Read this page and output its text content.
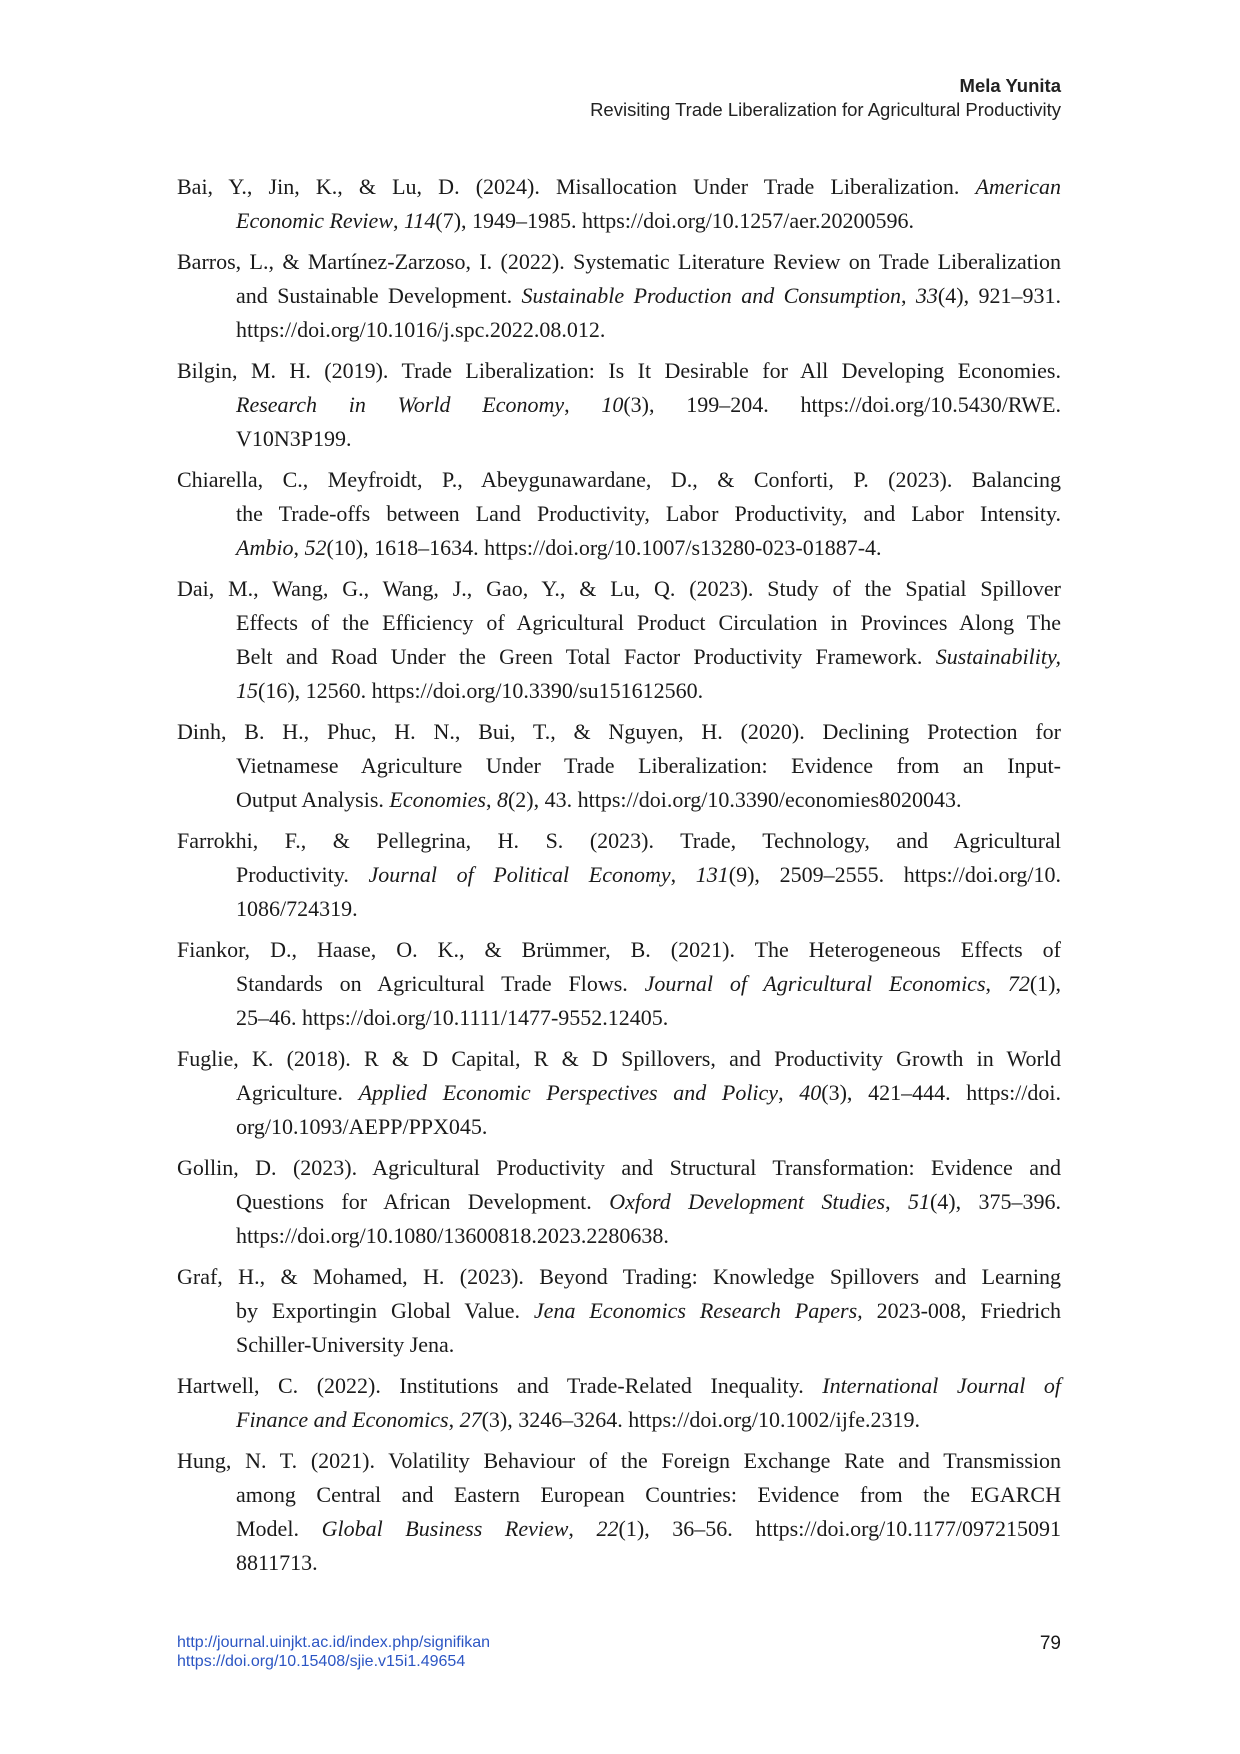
Mela Yunita
Revisiting Trade Liberalization for Agricultural Productivity
Bai, Y., Jin, K., & Lu, D. (2024). Misallocation Under Trade Liberalization. American
Economic Review, 114(7), 1949–1985. https://doi.org/10.1257/aer.20200596.
Barros, L., & Martínez-Zarzoso, I. (2022). Systematic Literature Review on Trade Liberalization
and Sustainable Development. Sustainable Production and Consumption, 33(4), 921–931.
https://doi.org/10.1016/j.spc.2022.08.012.
Bilgin, M. H. (2019). Trade Liberalization: Is It Desirable for All Developing Economies.
Research in World Economy, 10(3), 199–204. https://doi.org/10.5430/RWE.
V10N3P199.
Chiarella, C., Meyfroidt, P., Abeygunawardane, D., & Conforti, P. (2023). Balancing
the Trade-offs between Land Productivity, Labor Productivity, and Labor Intensity.
Ambio, 52(10), 1618–1634. https://doi.org/10.1007/s13280-023-01887-4.
Dai, M., Wang, G., Wang, J., Gao, Y., & Lu, Q. (2023). Study of the Spatial Spillover
Effects of the Efficiency of Agricultural Product Circulation in Provinces Along The
Belt and Road Under the Green Total Factor Productivity Framework. Sustainability,
15(16), 12560. https://doi.org/10.3390/su151612560.
Dinh, B. H., Phuc, H. N., Bui, T., & Nguyen, H. (2020). Declining Protection for
Vietnamese Agriculture Under Trade Liberalization: Evidence from an Input-
Output Analysis. Economies, 8(2), 43. https://doi.org/10.3390/economies8020043.
Farrokhi, F., & Pellegrina, H. S. (2023). Trade, Technology, and Agricultural
Productivity. Journal of Political Economy, 131(9), 2509–2555. https://doi.org/10.
1086/724319.
Fiankor, D., Haase, O. K., & Brümmer, B. (2021). The Heterogeneous Effects of
Standards on Agricultural Trade Flows. Journal of Agricultural Economics, 72(1),
25–46. https://doi.org/10.1111/1477-9552.12405.
Fuglie, K. (2018). R & D Capital, R & D Spillovers, and Productivity Growth in World
Agriculture. Applied Economic Perspectives and Policy, 40(3), 421–444. https://doi.
org/10.1093/AEPP/PPX045.
Gollin, D. (2023). Agricultural Productivity and Structural Transformation: Evidence and
Questions for African Development. Oxford Development Studies, 51(4), 375–396.
https://doi.org/10.1080/13600818.2023.2280638.
Graf, H., & Mohamed, H. (2023). Beyond Trading: Knowledge Spillovers and Learning
by Exportingin Global Value. Jena Economics Research Papers, 2023-008, Friedrich
Schiller-University Jena.
Hartwell, C. (2022). Institutions and Trade-Related Inequality. International Journal of
Finance and Economics, 27(3), 3246–3264. https://doi.org/10.1002/ijfe.2319.
Hung, N. T. (2021). Volatility Behaviour of the Foreign Exchange Rate and Transmission
among Central and Eastern European Countries: Evidence from the EGARCH
Model. Global Business Review, 22(1), 36–56. https://doi.org/10.1177/097215091
8811713.
http://journal.uinjkt.ac.id/index.php/signifikan
https://doi.org/10.15408/sjie.v15i1.49654
79
